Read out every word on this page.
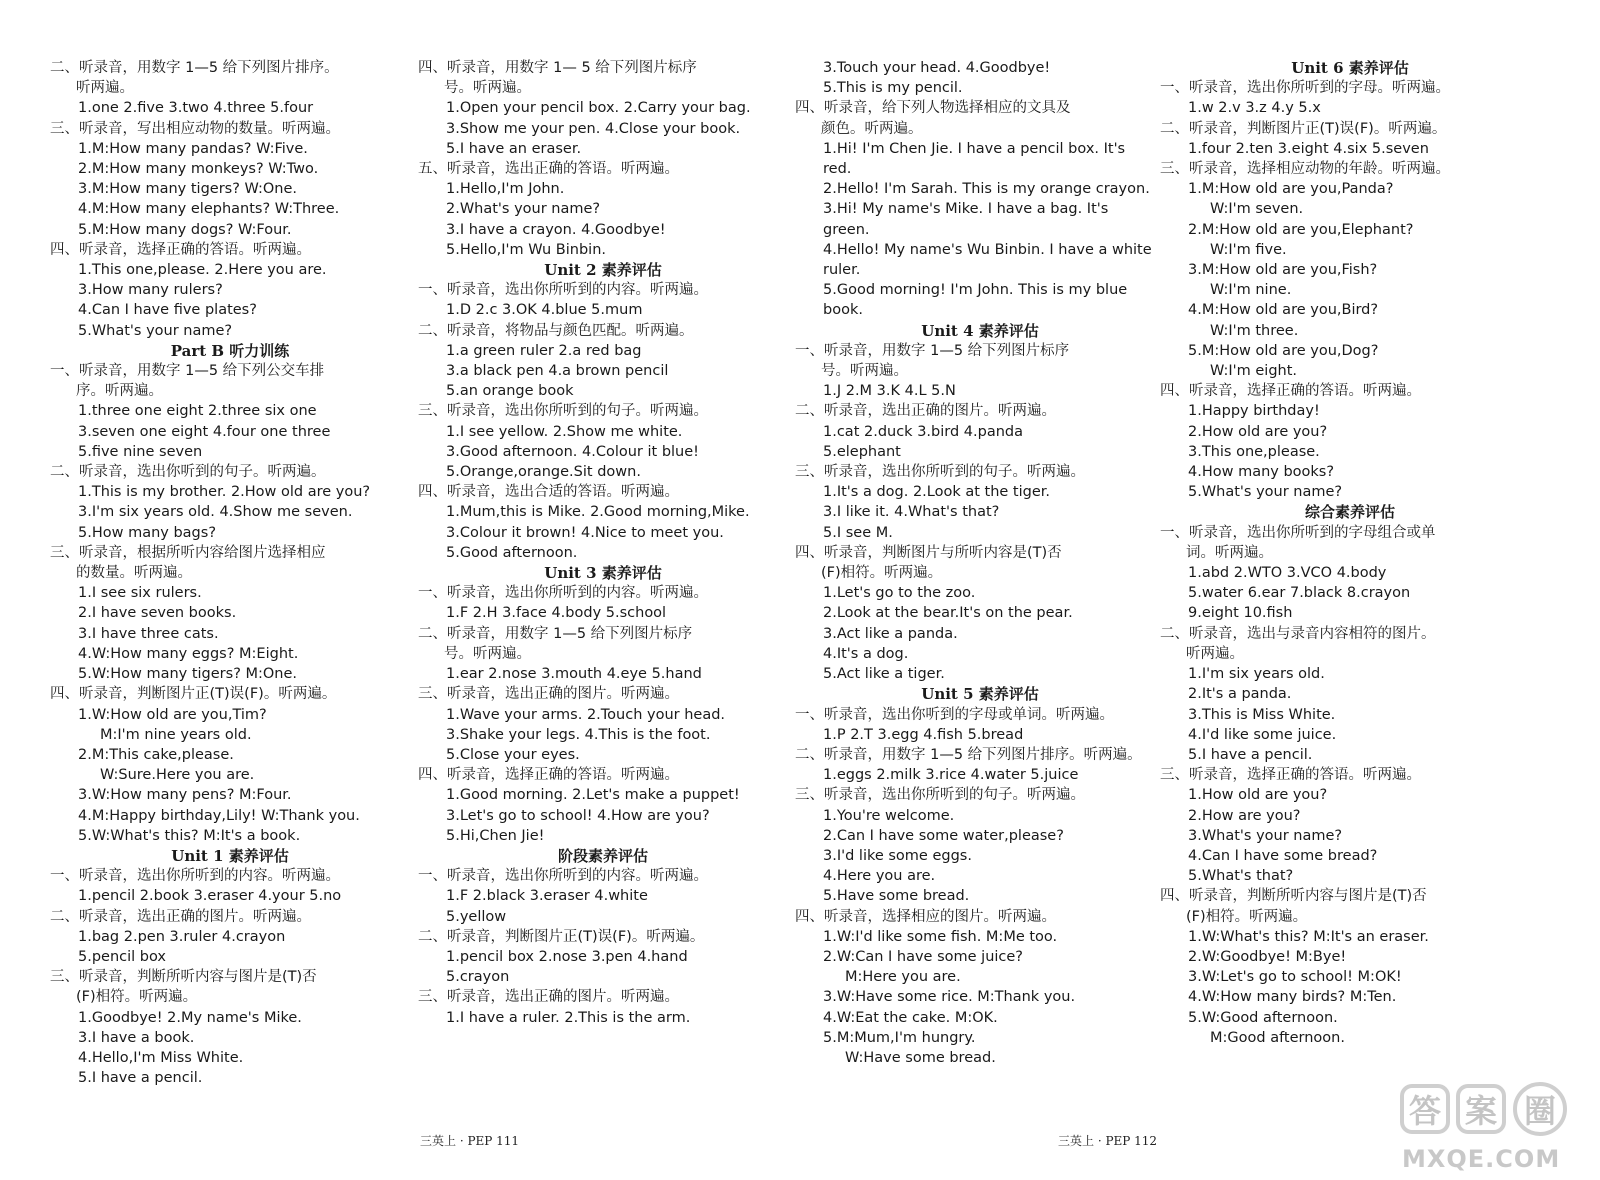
二、听录音，用数字 1—5 给下列图片排序。
听两遍。
1.one 2.five 3.two 4.three 5.four
三、听录音，写出相应动物的数量。听两遍。
1.M:How many pandas? W:Five.
2.M:How many monkeys? W:Two.
3.M:How many tigers? W:One.
4.M:How many elephants? W:Three.
5.M:How many dogs? W:Four.
四、听录音，选择正确的答语。听两遍。
1.This one,please. 2.Here you are.
3.How many rulers?
4.Can I have five plates?
5.What's your name?
Part B 听力训练
一、听录音，用数字 1—5 给下列公交车排
序。听两遍。
1.three one eight 2.three six one
3.seven one eight 4.four one three
5.five nine seven
二、听录音，选出你听到的句子。听两遍。
1.This is my brother. 2.How old are you?
3.I'm six years old. 4.Show me seven.
5.How many bags?
三、听录音，根据所听内容给图片选择相应
的数量。听两遍。
1.I see six rulers.
2.I have seven books.
3.I have three cats.
4.W:How many eggs? M:Eight.
5.W:How many tigers? M:One.
四、听录音，判断图片正(T)误(F)。听两遍。
1.W:How old are you,Tim?
M:I'm nine years old.
2.M:This cake,please.
W:Sure.Here you are.
3.W:How many pens? M:Four.
4.M:Happy birthday,Lily! W:Thank you.
5.W:What's this? M:It's a book.
Unit 1 素养评估
一、听录音，选出你所听到的内容。听两遍。
1.pencil 2.book 3.eraser 4.your 5.no
二、听录音，选出正确的图片。听两遍。
1.bag 2.pen 3.ruler 4.crayon
5.pencil box
三、听录音，判断所听内容与图片是(T)否
(F)相符。听两遍。
1.Goodbye! 2.My name's Mike.
3.I have a book.
4.Hello,I'm Miss White.
5.I have a pencil.
四、听录音，用数字 1— 5 给下列图片标序
号。听两遍。
1.Open your pencil box. 2.Carry your bag.
3.Show me your pen. 4.Close your book.
5.I have an eraser.
五、听录音，选出正确的答语。听两遍。
1.Hello,I'm John.
2.What's your name?
3.I have a crayon. 4.Goodbye!
5.Hello,I'm Wu Binbin.
Unit 2 素养评估
一、听录音，选出你所听到的内容。听两遍。
1.D 2.c 3.OK 4.blue 5.mum
二、听录音，将物品与颜色匹配。听两遍。
1.a green ruler 2.a red bag
3.a black pen 4.a brown pencil
5.an orange book
三、听录音，选出你所听到的句子。听两遍。
1.I see yellow. 2.Show me white.
3.Good afternoon. 4.Colour it blue!
5.Orange,orange.Sit down.
四、听录音，选出合适的答语。听两遍。
1.Mum,this is Mike. 2.Good morning,Mike.
3.Colour it brown! 4.Nice to meet you.
5.Good afternoon.
Unit 3 素养评估
一、听录音，选出你所听到的内容。听两遍。
1.F 2.H 3.face 4.body 5.school
二、听录音，用数字 1—5 给下列图片标序
号。听两遍。
1.ear 2.nose 3.mouth 4.eye 5.hand
三、听录音，选出正确的图片。听两遍。
1.Wave your arms. 2.Touch your head.
3.Shake your legs. 4.This is the foot.
5.Close your eyes.
四、听录音，选择正确的答语。听两遍。
1.Good morning. 2.Let's make a puppet!
3.Let's go to school! 4.How are you?
5.Hi,Chen Jie!
阶段素养评估
一、听录音，选出你所听到的内容。听两遍。
1.F 2.black 3.eraser 4.white
5.yellow
二、听录音，判断图片正(T)误(F)。听两遍。
1.pencil box 2.nose 3.pen 4.hand
5.crayon
三、听录音，选出正确的图片。听两遍。
1.I have a ruler. 2.This is the arm.
3.Touch your head. 4.Goodbye!
5.This is my pencil.
四、听录音，给下列人物选择相应的文具及
颜色。听两遍。
1.Hi! I'm Chen Jie. I have a pencil box. It's
red.
2.Hello! I'm Sarah. This is my orange crayon.
3.Hi! My name's Mike. I have a bag. It's
green.
4.Hello! My name's Wu Binbin. I have a white
ruler.
5.Good morning! I'm John. This is my blue
book.
Unit 4 素养评估
一、听录音，用数字 1—5 给下列图片标序
号。听两遍。
1.J 2.M 3.K 4.L 5.N
二、听录音，选出正确的图片。听两遍。
1.cat 2.duck 3.bird 4.panda
5.elephant
三、听录音，选出你所听到的句子。听两遍。
1.It's a dog. 2.Look at the tiger.
3.I like it. 4.What's that?
5.I see M.
四、听录音，判断图片与所听内容是(T)否
(F)相符。听两遍。
1.Let's go to the zoo.
2.Look at the bear.It's on the pear.
3.Act like a panda.
4.It's a dog.
5.Act like a tiger.
Unit 5 素养评估
一、听录音，选出你听到的字母或单词。听两遍。
1.P 2.T 3.egg 4.fish 5.bread
二、听录音，用数字 1—5 给下列图片排序。听两遍。
1.eggs 2.milk 3.rice 4.water 5.juice
三、听录音，选出你所听到的句子。听两遍。
1.You're welcome.
2.Can I have some water,please?
3.I'd like some eggs.
4.Here you are.
5.Have some bread.
四、听录音，选择相应的图片。听两遍。
1.W:I'd like some fish. M:Me too.
2.W:Can I have some juice?
M:Here you are.
3.W:Have some rice. M:Thank you.
4.W:Eat the cake. M:OK.
5.M:Mum,I'm hungry.
W:Have some bread.
Unit 6 素养评估
一、听录音，选出你所听到的字母。听两遍。
1.w 2.v 3.z 4.y 5.x
二、听录音，判断图片正(T)误(F)。听两遍。
1.four 2.ten 3.eight 4.six 5.seven
三、听录音，选择相应动物的年龄。听两遍。
1.M:How old are you,Panda?
W:I'm seven.
2.M:How old are you,Elephant?
W:I'm five.
3.M:How old are you,Fish?
W:I'm nine.
4.M:How old are you,Bird?
W:I'm three.
5.M:How old are you,Dog?
W:I'm eight.
四、听录音，选择正确的答语。听两遍。
1.Happy birthday!
2.How old are you?
3.This one,please.
4.How many books?
5.What's your name?
综合素养评估
一、听录音，选出你所听到的字母组合或单
词。听两遍。
1.abd 2.WTO 3.VCO 4.body
5.water 6.ear 7.black 8.crayon
9.eight 10.fish
二、听录音，选出与录音内容相符的图片。
听两遍。
1.I'm six years old.
2.It's a panda.
3.This is Miss White.
4.I'd like some juice.
5.I have a pencil.
三、听录音，选择正确的答语。听两遍。
1.How old are you?
2.How are you?
3.What's your name?
4.Can I have some bread?
5.What's that?
四、听录音，判断所听内容与图片是(T)否
(F)相符。听两遍。
1.W:What's this? M:It's an eraser.
2.W:Goodbye! M:Bye!
3.W:Let's go to school! M:OK!
4.W:How many birds? M:Ten.
5.W:Good afternoon.
M:Good afternoon.
三英上 · PEP 111	三英上 · PEP 112
答 案 圈
MXQE.COM
